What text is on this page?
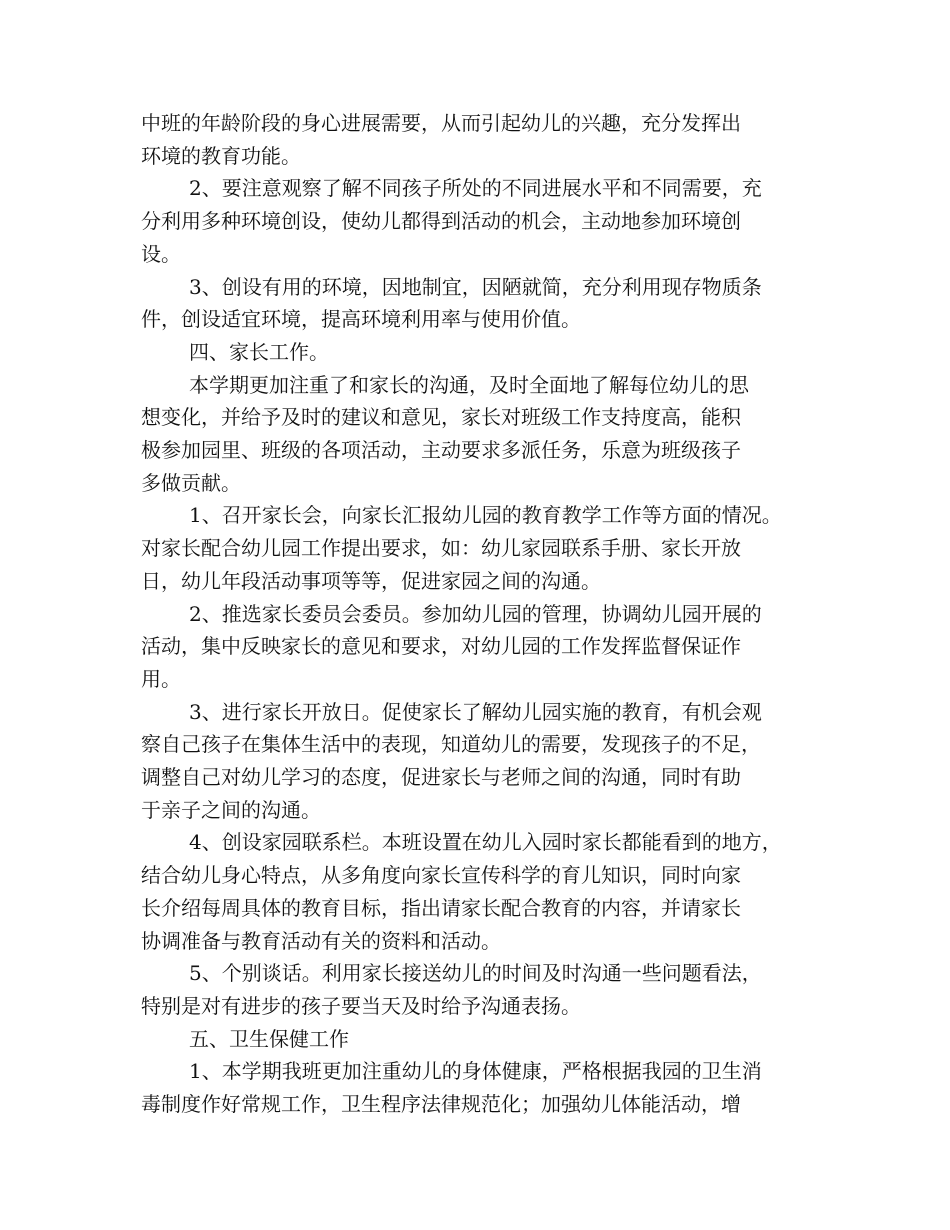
中班的年龄阶段的身心进展需要，从而引起幼儿的兴趣，充分发挥出
环境的教育功能。

2、要注意观察了解不同孩子所处的不同进展水平和不同需要，充
分利用多种环境创设，使幼儿都得到活动的机会，主动地参加环境创
设。

3、创设有用的环境，因地制宜，因陋就简，充分利用现存物质条
件，创设适宜环境，提高环境利用率与使用价值。

四、家长工作。

本学期更加注重了和家长的沟通，及时全面地了解每位幼儿的思
想变化，并给予及时的建议和意见，家长对班级工作支持度高，能积
极参加园里、班级的各项活动，主动要求多派任务，乐意为班级孩子
多做贡献。

1、召开家长会，向家长汇报幼儿园的教育教学工作等方面的情况。
对家长配合幼儿园工作提出要求，如：幼儿家园联系手册、家长开放
日，幼儿年段活动事项等等，促进家园之间的沟通。

2、推选家长委员会委员。参加幼儿园的管理，协调幼儿园开展的
活动，集中反映家长的意见和要求，对幼儿园的工作发挥监督保证作
用。

3、进行家长开放日。促使家长了解幼儿园实施的教育，有机会观
察自己孩子在集体生活中的表现，知道幼儿的需要，发现孩子的不足，
调整自己对幼儿学习的态度，促进家长与老师之间的沟通，同时有助
于亲子之间的沟通。

4、创设家园联系栏。本班设置在幼儿入园时家长都能看到的地方，
结合幼儿身心特点，从多角度向家长宣传科学的育儿知识，同时向家
长介绍每周具体的教育目标，指出请家长配合教育的内容，并请家长
协调准备与教育活动有关的资料和活动。

5、个别谈话。利用家长接送幼儿的时间及时沟通一些问题看法，
特别是对有进步的孩子要当天及时给予沟通表扬。

五、卫生保健工作

1、本学期我班更加注重幼儿的身体健康，严格根据我园的卫生消
毒制度作好常规工作，卫生程序法律规范化；加强幼儿体能活动，增
